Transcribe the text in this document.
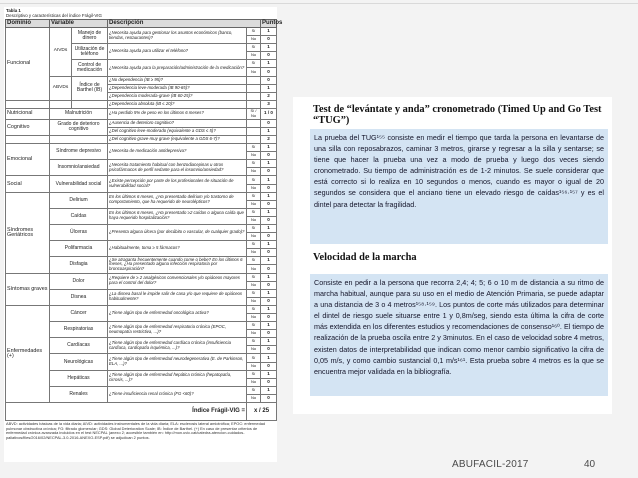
Tabla 1
Descriptivo y características del índice Frágil-VIG
Dominio	Variable		Descripción		Puntos
Funcional	AIVDs	Manejo de dinero	¿Necesita ayuda para gestionar los asuntos económicos (banco, tiendas, restaurantes)?	Sí	1
				No	0
		Utilización de teléfono	¿Necesita ayuda para utilizar el teléfono?	Sí	1
				No	0
		Control de medicación	¿Necesita ayuda para la preparación/administración de la medicación?	Sí	1
				No	0
	ABVDs	Índice de Barthel (IB)	¿No dependencia (IB ≥ 95)?		0
			¿Dependencia leve-moderada (IB 90-65)?		1
			¿Dependencia moderada-grave (IB 60-25)?		2
			¿Dependencia absoluta (IB ≤ 20)?		3
Nutricional	Malnutrición		¿Ha perdido 5% de peso en los últimos 6 meses?	Sí / No	1 / 0
Cognitivo	Grado de deterioro cognitivo		¿Ausencia de deterioro cognitivo?		0
			¿Del cognitivo leve-moderado (equivalente a GDS ≤ 5)?		1
			¿Del cognitivo grave-muy grave (equivalente a GDS 6-7)?		2
Emocional	Síndrome depresivo		¿Necesita de medicación antidepresiva?	Sí	1
				No	0
	Insomnio/ansiedad		¿Necesita tratamiento habitual con benzodiacepinas u otros psicofármacos de perfil sedante para el insomnio/ansiedad?	Sí	1
				No	0
Social	Vulnerabilidad social		¿Existe percepción por parte de los profesionales de situación de vulnerabilidad social?	Sí	1
				No	0
Síndromes Geriátricos	Delirium		En los últimos 6 meses, ¿Ha presentado delirium y/o trastorno de comportamiento, que ha requerido de neurolépticos?	Sí	1
				No	0
	Caídas		En los últimos 6 meses, ¿Ha presentado ≥2 caídas o alguna caída que haya requerido hospitalización?	Sí	1
				No	0
	Úlceras		¿Presenta alguna úlcera (por decúbito o vascular, de cualquier grado)?	Sí	1
				No	0
	Polifarmacia		¿Habitualmente, toma ≥ 5 fármacos?	Sí	1
				No	0
	Disfagia		¿Se atraganta frecuentemente cuando come o bebe? En los últimos 6 meses, ¿Ha presentado alguna infección respiratoria por broncoaspiración?	Sí	1
				No	0
Síntomas graves	Dolor		¿Requiere de ≥ 2 analgésicos convencionales y/o opiáceos mayores para el control del dolor?	Sí	1
				No	0
	Disnea		¿La disnea basal le impide salir de casa y/o que requiere de opiáceos habitualmente?	Sí	1
				No	0
Enfermedades (+)	Cáncer		¿Tiene algún tipo de enfermedad oncológica activa?	Sí	1
				No	0
	Respiratorias		¿Tiene algún tipo de enfermedad respiratoria crónica (EPOC, neumopatía restrictiva, ...)?	Sí	1
				No	0
	Cardíacas		¿Tiene algún tipo de enfermedad cardíaca crónica (insuficiencia cardíaca, cardiopatía isquémica, ...)?	Sí	1
				No	0
	Neurológicas		¿Tiene algún tipo de enfermedad neurodegenerativa (E. de Parkinson, ELA, ...)?	Sí	1
				No	0
	Hepáticas		¿Tiene algún tipo de enfermedad hepática crónica (hepatopatía, cirrosis, ...)?	Sí	1
				No	0
	Renales		¿Tiene insuficiencia renal crónica (FG <60)?	Sí	1
				No	0
Índice Frágil-VIG =				x / 25	
ABVD: actividades básicas de la vida diaria; AIVD: actividades instrumentales de la vida diaria; ELA: esclerosis lateral amiotrófica; EPOC: enfermedad pulmonar obstructiva crónica; FG: filtrado glomerular; GDS: Global Deterioration Scale; IB: Índice de Barthel. (+) En caso de presentar criterios de enfermedad crónica avanzada incluidos en el test NECPAL (anexo 2; accesible también en: http://mon.uvic.cat/catedra-atencion-cuidados-paliativos/files/2016/02/NECPAL-3.0-2016-ANEXO-ESP.pdf) se adjudican 2 puntos.
Test de “levántate y anda” cronometrado (Timed Up and Go Test “TUG”)

La prueba del TUG¹⁵⁵ consiste en medir el tiempo que tarda la persona en levantarse de una silla con reposabrazos, caminar 3 metros, girarse y regresar a la silla y sentarse; se tiene que hacer la prueba una vez a modo de prueba y luego dos veces siendo cronometrado. Su tiempo de administración es de 1-2 minutos. Se suele considerar que está correcto si lo realiza en 10 segundos o menos, cuando es mayor o igual de 20 segundos se considera que el anciano tiene un elevado riesgo de caídas¹⁵⁶·¹⁵⁷ y es el dintel para detectar la fragilidad.

Velocidad de la marcha

Consiste en pedir a la persona que recorra 2,4; 4; 5; 6 o 10 m de distancia a su ritmo de marcha habitual, aunque para su uso en el medio de Atención Primaria, se puede adaptar a una distancia de 3 o 4 metros¹⁵⁸·¹⁵⁹. Los puntos de corte más utilizados para determinar el dintel de riesgo suele situarse entre 1 y 0,8m/seg, siendo esta última la cifra de corte más extendida en los diferentes estudios y recomendaciones de consenso¹⁶⁰. El tiempo de realización de la prueba oscila entre 2 y 3minutos. En el caso de velocidad sobre 4 metros, existen datos de interpretabilidad que indican como menor cambio significativo la cifra de 0,05 m/s, y como cambio sustancial 0,1 m/s¹⁶¹. Esta prueba sobre 4 metros es la que se encuentra mejor validada en la bibliografía.

ABUFACIL-2017	40
